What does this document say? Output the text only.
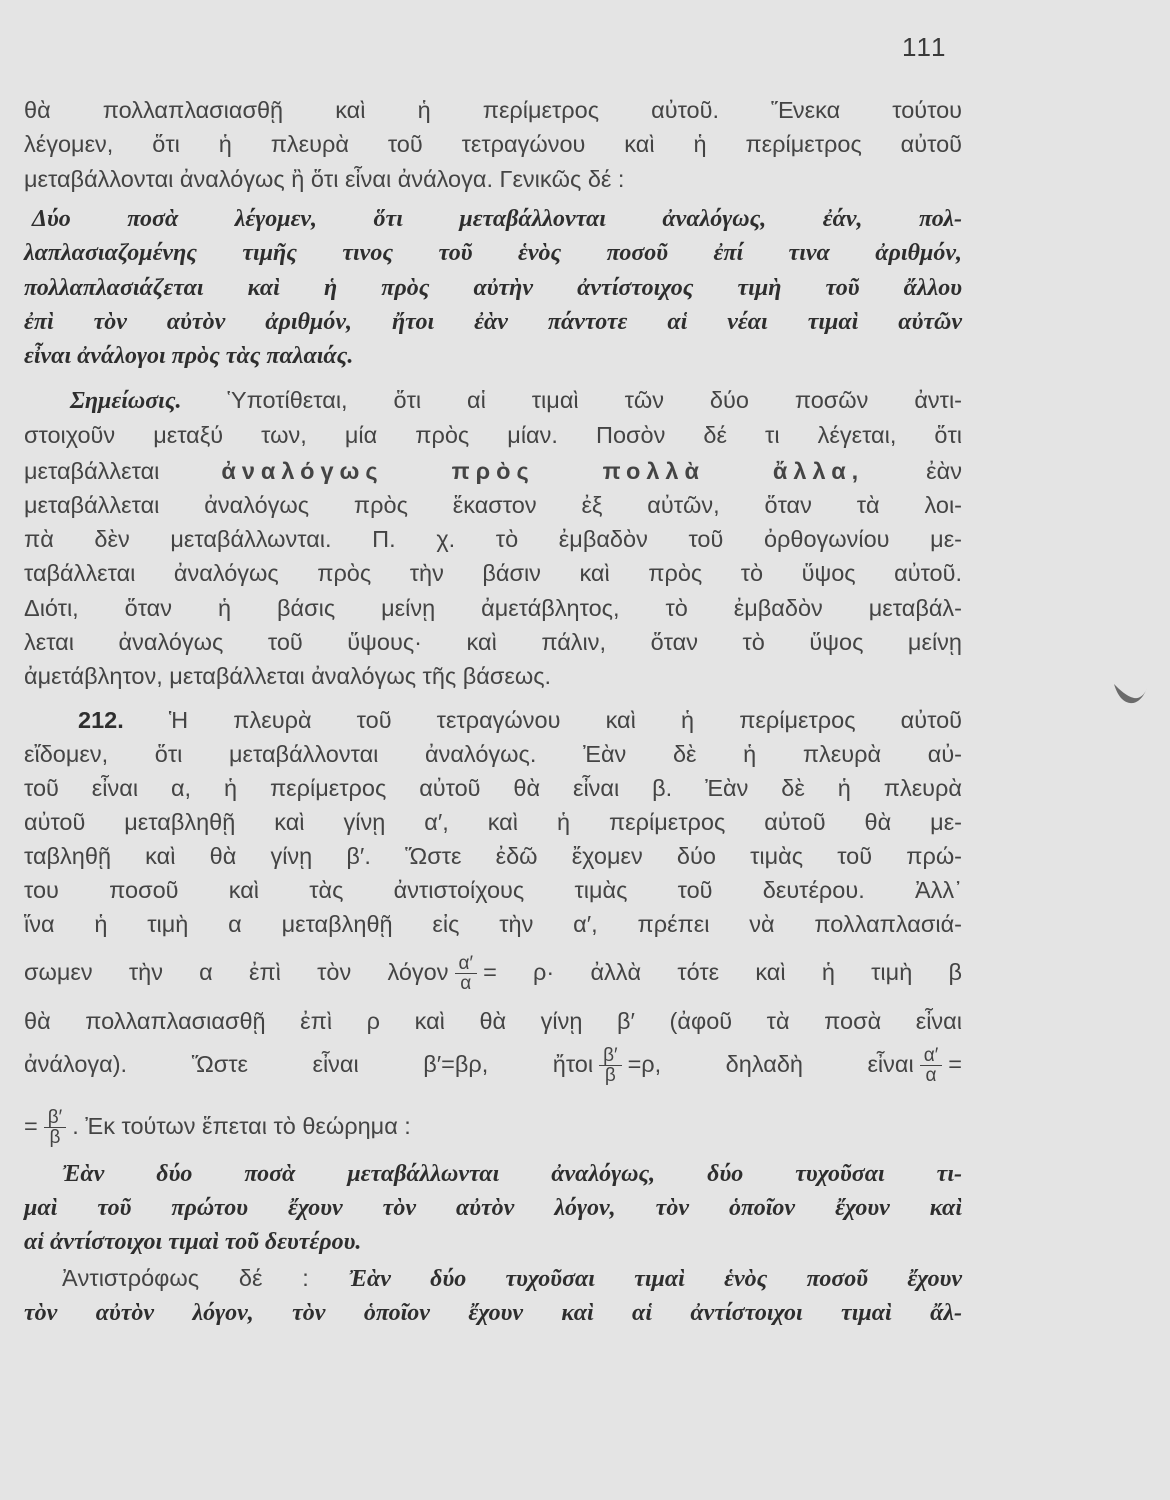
111
θὰ πολλαπλασιασθῇ καὶ ἡ περίμετρος αὐτοῦ. Ἕνεκα τούτου
λέγομεν, ὅτι ἡ πλευρὰ τοῦ τετραγώνου καὶ ἡ περίμετρος αὐτοῦ
μεταβάλλονται ἀναλόγως ἢ ὅτι εἶναι ἀνάλογα. Γενικῶς δέ :
Δύο ποσὰ λέγομεν, ὅτι μεταβάλλονται ἀναλόγως, ἐάν, πολ-
λαπλασιαζομένης τιμῆς τινος τοῦ ἑνὸς ποσοῦ ἐπί τινα ἀριθμόν,
πολλαπλασιάζεται καὶ ἡ πρὸς αὐτὴν ἀντίστοιχος τιμὴ τοῦ ἄλλου
ἐπὶ τὸν αὐτὸν ἀριθμόν, ἤτοι ἐὰν πάντοτε αἱ νέαι τιμαὶ αὐτῶν
εἶναι ἀνάλογοι πρὸς τὰς παλαιάς.
Σημείωσις. Ὑποτίθεται, ὅτι αἱ τιμαὶ τῶν δύο ποσῶν ἀντι-
στοιχοῦν μεταξύ των, μία πρὸς μίαν. Ποσὸν δέ τι λέγεται, ὅτι
μεταβάλλεται ἀναλόγως πρὸς πολλὰ ἄλλα, ἐὰν
μεταβάλλεται ἀναλόγως πρὸς ἕκαστον ἐξ αὐτῶν, ὅταν τὰ λοι-
πὰ δὲν μεταβάλλωνται. Π. χ. τὸ ἐμβαδὸν τοῦ ὀρθογωνίου με-
ταβάλλεται ἀναλόγως πρὸς τὴν βάσιν καὶ πρὸς τὸ ὕψος αὐτοῦ.
Διότι, ὅταν ἡ βάσις μείνῃ ἀμετάβλητος, τὸ ἐμβαδὸν μεταβάλ-
λεται ἀναλόγως τοῦ ὕψους· καὶ πάλιν, ὅταν τὸ ὕψος μείνῃ
ἀμετάβλητον, μεταβάλλεται ἀναλόγως τῆς βάσεως.
212. Ἡ πλευρὰ τοῦ τετραγώνου καὶ ἡ περίμετρος αὐτοῦ
εἴδομεν, ὅτι μεταβάλλονται ἀναλόγως. Ἐὰν δὲ ἡ πλευρὰ αὐ-
τοῦ εἶναι α, ἡ περίμετρος αὐτοῦ θὰ εἶναι β. Ἐὰν δὲ ἡ πλευρὰ
αὐτοῦ μεταβληθῇ καὶ γίνῃ α′, καὶ ἡ περίμετρος αὐτοῦ θὰ με-
ταβληθῇ καὶ θὰ γίνῃ β′. Ὥστε ἐδῶ ἔχομεν δύο τιμὰς τοῦ πρώ-
του ποσοῦ καὶ τὰς ἀντιστοίχους τιμὰς τοῦ δευτέρου. Ἀλλ᾿
ἵνα ἡ τιμὴ α μεταβληθῇ εἰς τὴν α′, πρέπει νὰ πολλαπλασιά-
σωμεν τὴν α ἐπὶ τὸν λόγον $\frac{\alpha'}{\alpha} = \rho\cdot$ ἀλλὰ τότε καὶ ἡ τιμὴ β
θὰ πολλαπλασιασθῇ ἐπὶ ρ καὶ θὰ γίνῃ β′ (ἀφοῦ τὰ ποσὰ εἶναι
ἀνάλογα). Ὥστε εἶναι β′=βρ, ἤτοι $\frac{\beta'}{\beta} =\rho$, δηλαδὴ εἶναι $\frac{\alpha'}{\alpha}$ =
= $\frac{\beta'}{\beta}$ . Ἐκ τούτων ἕπεται τὸ θεώρημα :
Ἐὰν δύο ποσὰ μεταβάλλωνται ἀναλόγως, δύο τυχοῦσαι τι-
μαὶ τοῦ πρώτου ἔχουν τὸν αὐτὸν λόγον, τὸν ὁποῖον ἔχουν καὶ
αἱ ἀντίστοιχοι τιμαὶ τοῦ δευτέρου.
Ἀντιστρόφως δέ : Ἐὰν δύο τυχοῦσαι τιμαὶ ἑνὸς ποσοῦ ἔχουν
τὸν αὐτὸν λόγον, τὸν ὁποῖον ἔχουν καὶ αἱ ἀντίστοιχοι τιμαὶ ἄλ-
